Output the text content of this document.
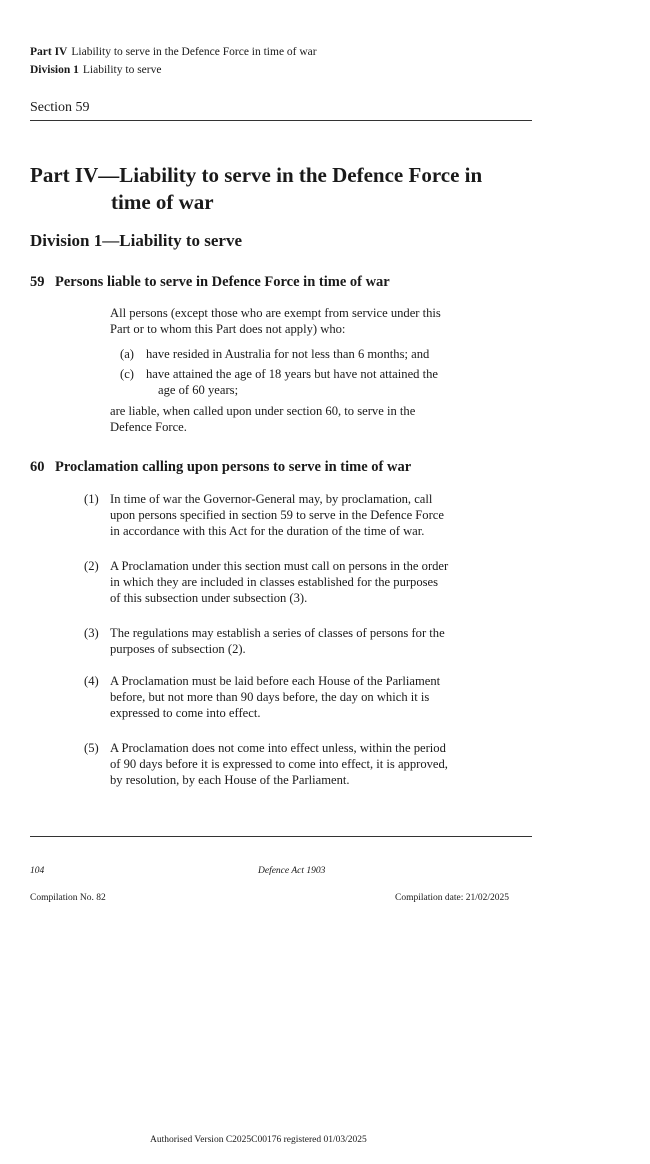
Part IV Liability to serve in the Defence Force in time of war
Division 1 Liability to serve
Section 59
Part IV—Liability to serve in the Defence Force in
time of war
Division 1—Liability to serve
59 Persons liable to serve in Defence Force in time of war
All persons (except those who are exempt from service under this
Part or to whom this Part does not apply) who:
(a) have resided in Australia for not less than 6 months; and
(c) have attained the age of 18 years but have not attained the
age of 60 years;
are liable, when called upon under section 60, to serve in the
Defence Force.
60 Proclamation calling upon persons to serve in time of war
(1) In time of war the Governor-General may, by proclamation, call
upon persons specified in section 59 to serve in the Defence Force
in accordance with this Act for the duration of the time of war.
(2) A Proclamation under this section must call on persons in the order
in which they are included in classes established for the purposes
of this subsection under subsection (3).
(3) The regulations may establish a series of classes of persons for the
purposes of subsection (2).
(4) A Proclamation must be laid before each House of the Parliament
before, but not more than 90 days before, the day on which it is
expressed to come into effect.
(5) A Proclamation does not come into effect unless, within the period
of 90 days before it is expressed to come into effect, it is approved,
by resolution, by each House of the Parliament.
104	Defence Act 1903
Compilation No. 82	Compilation date: 21/02/2025
Authorised Version C2025C00176 registered 01/03/2025
